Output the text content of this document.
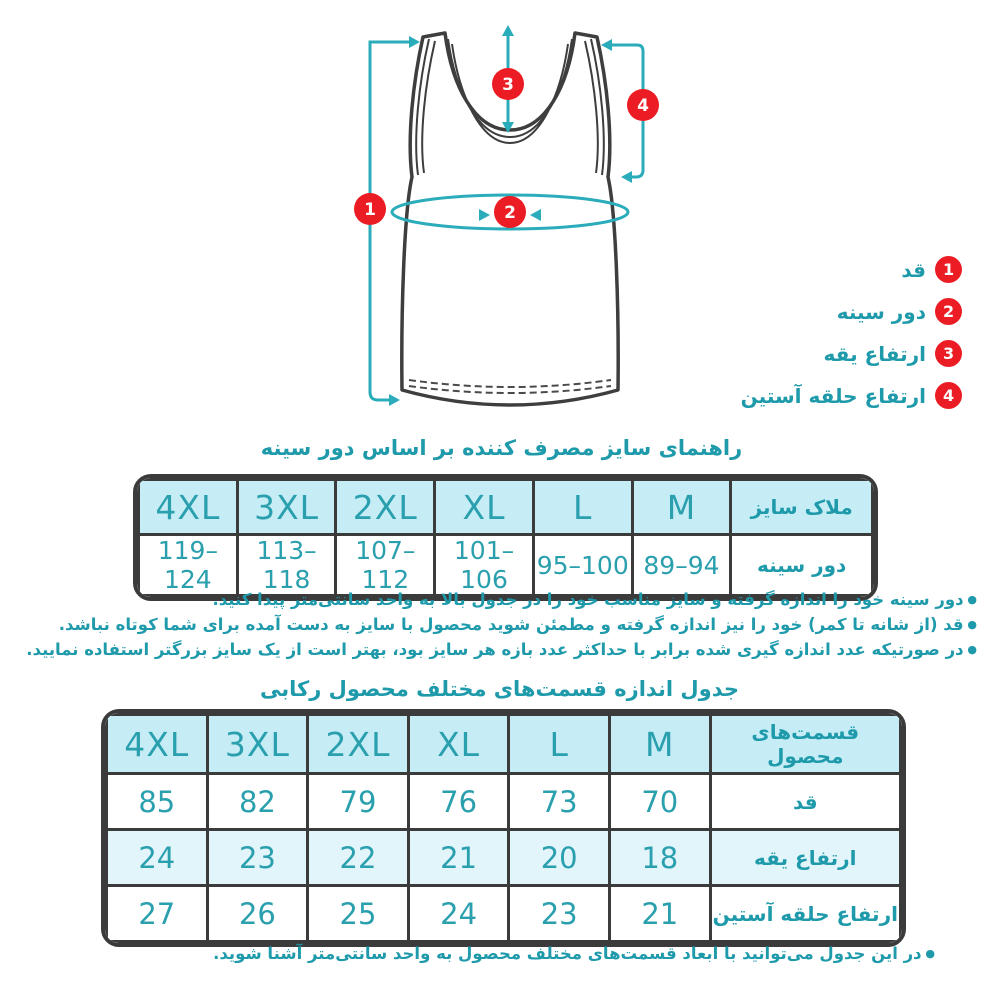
1	2
3
4
1
قد
2
دور سینه
3
ارتفاع یقه
4
ارتفاع حلقه آستین
راهنمای سایز مصرف کننده بر اساس دور سینه
4XL	3XL	2XL	XL	L	M	ملاک سایز
119–124	113–118	107–112	101–106	95–100	89–94	دور سینه
● دور سینه خود را اندازه گرفته و سایز مناسب خود را در جدول بالا به واحد سانتی‌متر پیدا کنید.
● قد (از شانه تا کمر) خود را نیز اندازه گرفته و مطمئن شوید محصول با سایز به دست آمده برای شما کوتاه نباشد.
● در صورتیکه عدد اندازه گیری شده برابر با حداکثر عدد بازه هر سایز بود، بهتر است از یک سایز بزرگتر استفاده نمایید.
جدول اندازه قسمت‌های مختلف محصول رکابی
4XL	3XL	2XL	XL	L	M	قسمت‌های محصول
85	82	79	76	73	70	قد
24	23	22	21	20	18	ارتفاع یقه
27	26	25	24	23	21	ارتفاع حلقه آستین
● در این جدول می‌توانید با ابعاد قسمت‌های مختلف محصول به واحد سانتی‌متر آشنا شوید.
